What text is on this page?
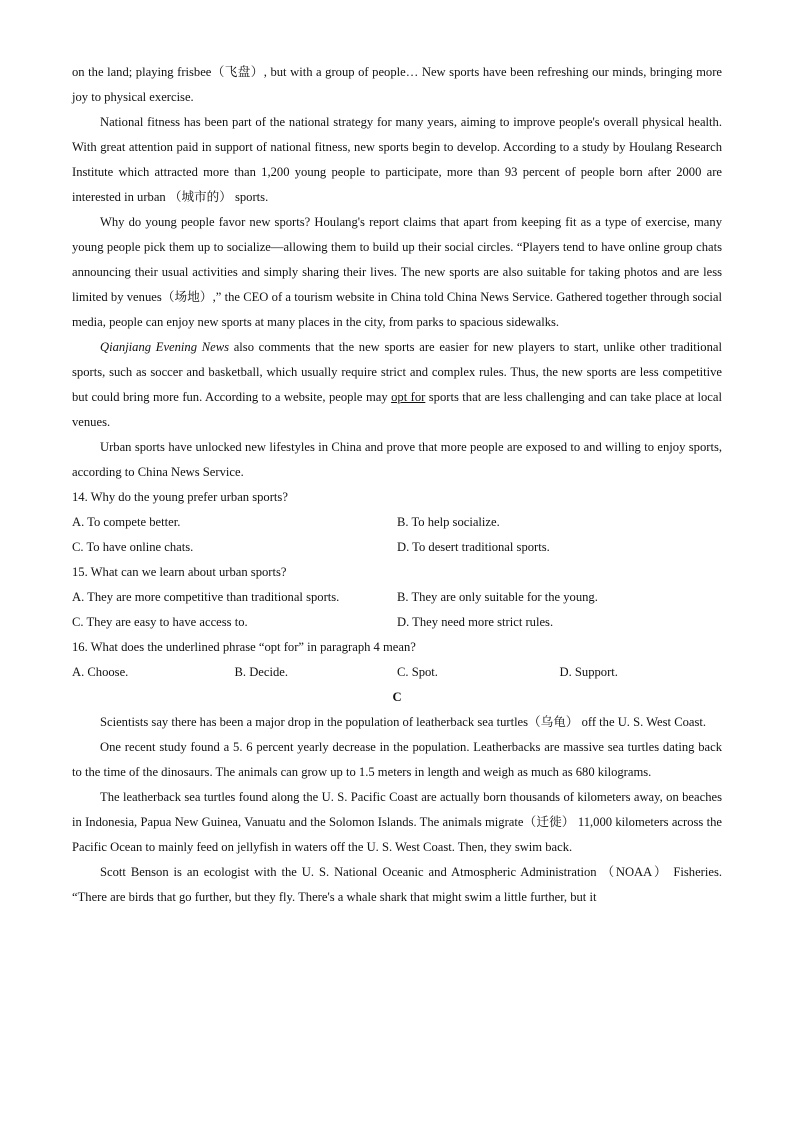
on the land; playing frisbee（飞盘）, but with a group of people… New sports have been refreshing our minds, bringing more joy to physical exercise.

National fitness has been part of the national strategy for many years, aiming to improve people's overall physical health. With great attention paid in support of national fitness, new sports begin to develop. According to a study by Houlang Research Institute which attracted more than 1,200 young people to participate, more than 93 percent of people born after 2000 are interested in urban （城市的） sports.

Why do young people favor new sports? Houlang's report claims that apart from keeping fit as a type of exercise, many young people pick them up to socialize—allowing them to build up their social circles. “Players tend to have online group chats announcing their usual activities and simply sharing their lives. The new sports are also suitable for taking photos and are less limited by venues（场地）,” the CEO of a tourism website in China told China News Service. Gathered together through social media, people can enjoy new sports at many places in the city, from parks to spacious sidewalks.

Qianjiang Evening News also comments that the new sports are easier for new players to start, unlike other traditional sports, such as soccer and basketball, which usually require strict and complex rules. Thus, the new sports are less competitive but could bring more fun. According to a website, people may opt for sports that are less challenging and can take place at local venues.

Urban sports have unlocked new lifestyles in China and prove that more people are exposed to and willing to enjoy sports, according to China News Service.

14. Why do the young prefer urban sports?

A. To compete better.	B. To help socialize.
C. To have online chats.	D. To desert traditional sports.

15. What can we learn about urban sports?

A. They are more competitive than traditional sports.	B. They are only suitable for the young.
C. They are easy to have access to.	D. They need more strict rules.

16. What does the underlined phrase “opt for” in paragraph 4 mean?

A. Choose.	B. Decide.	C. Spot.	D. Support.

C

Scientists say there has been a major drop in the population of leatherback sea turtles（乌龟） off the U. S. West Coast.

One recent study found a 5. 6 percent yearly decrease in the population. Leatherbacks are massive sea turtles dating back to the time of the dinosaurs. The animals can grow up to 1.5 meters in length and weigh as much as 680 kilograms.

The leatherback sea turtles found along the U. S. Pacific Coast are actually born thousands of kilometers away, on beaches in Indonesia, Papua New Guinea, Vanuatu and the Solomon Islands. The animals migrate（迁徙） 11,000 kilometers across the Pacific Ocean to mainly feed on jellyfish in waters off the U. S. West Coast. Then, they swim back.

Scott Benson is an ecologist with the U. S. National Oceanic and Atmospheric Administration （NOAA） Fisheries. “There are birds that go further, but they fly. There's a whale shark that might swim a little further, but it
